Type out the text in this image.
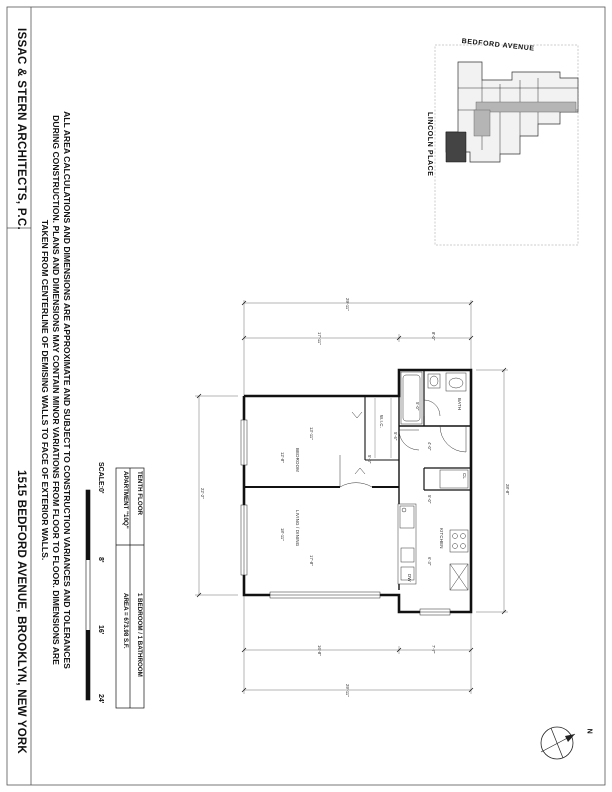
ISSAC & STERN ARCHITECTS, P.C.
1515 BEDFORD AVENUE, BROOKLYN, NEW YORK	ALL AREA CALCULATIONS AND DIMENSIONS ARE APPROXIMATE AND SUBJECT TO CONSTRUCTION VARIANCES AND TOLERANCES
DURING CONSTRUCTION. PLANS AND DIMENSIONS MAY CONTAIN MINOR VARIATIONS FROM FLOOR TO FLOOR. DIMENSIONS ARE
TAKEN FROM CENTERLINE OF DEMISING WALLS TO FACE OF EXTERIOR WALLS.	TENTH FLOOR
APARTMENT "10Q"
1 BEDROOM / 1 BATHROOM
AREA = 673.98 S.F.
SCALE:
0'
8'
16'
24'
BEDFORD AVENUE
LINCOLN PLACE
N
BEDROOM
LIVING / DINING	KITCHEN
BATH
W.I.C.
CL
DW
29'-11"
17'-11"	8'-0"
16'-8"	7'-7"
29'-11"
22'-2"	28'-8"
13'-11"
12'-8"
17'-8"
18'-11"
5'-6"
5'-0"
5'-0"
4'-0"
6'-3"
5'-0"
